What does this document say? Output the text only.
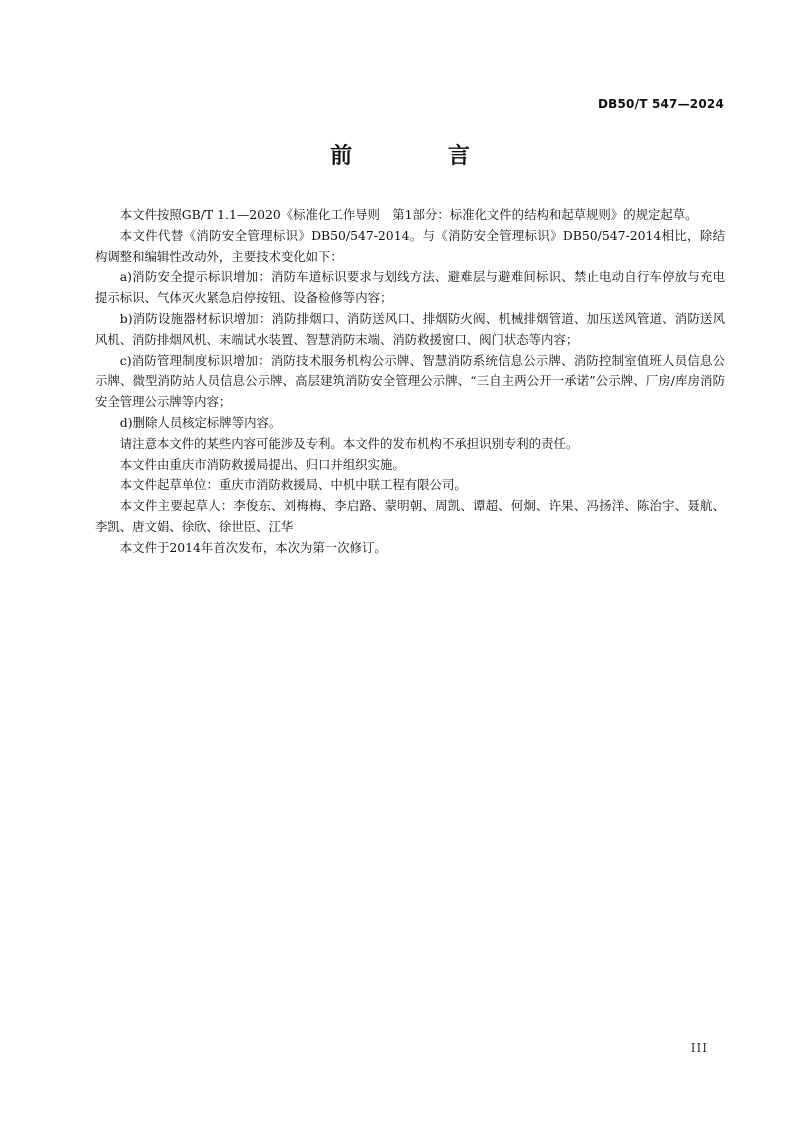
DB50/T 547—2024
前 言

本文件按照GB/T 1.1—2020《标准化工作导则　第1部分：标准化文件的结构和起草规则》的规定起草。

本文件代替《消防安全管理标识》DB50/547-2014。与《消防安全管理标识》DB50/547-2014相比，除结构调整和编辑性改动外，主要技术变化如下：

a)消防安全提示标识增加：消防车道标识要求与划线方法、避难层与避难间标识、禁止电动自行车停放与充电提示标识、气体灭火紧急启停按钮、设备检修等内容；

b)消防设施器材标识增加：消防排烟口、消防送风口、排烟防火阀、机械排烟管道、加压送风管道、消防送风风机、消防排烟风机、末端试水装置、智慧消防末端、消防救援窗口、阀门状态等内容；

c)消防管理制度标识增加：消防技术服务机构公示牌、智慧消防系统信息公示牌、消防控制室值班人员信息公示牌、微型消防站人员信息公示牌、高层建筑消防安全管理公示牌、“三自主两公开一承诺”公示牌、厂房/库房消防安全管理公示牌等内容；

d)删除人员核定标牌等内容。

请注意本文件的某些内容可能涉及专利。本文件的发布机构不承担识别专利的责任。

本文件由重庆市消防救援局提出、归口并组织实施。

本文件起草单位：重庆市消防救援局、中机中联工程有限公司。

本文件主要起草人：李俊东、刘梅梅、李启路、蒙明朝、周凯、谭超、何炯、许果、冯扬洋、陈治宇、聂航、李凯、唐文娟、徐欣、徐世臣、江华

本文件于2014年首次发布，本次为第一次修订。

III
